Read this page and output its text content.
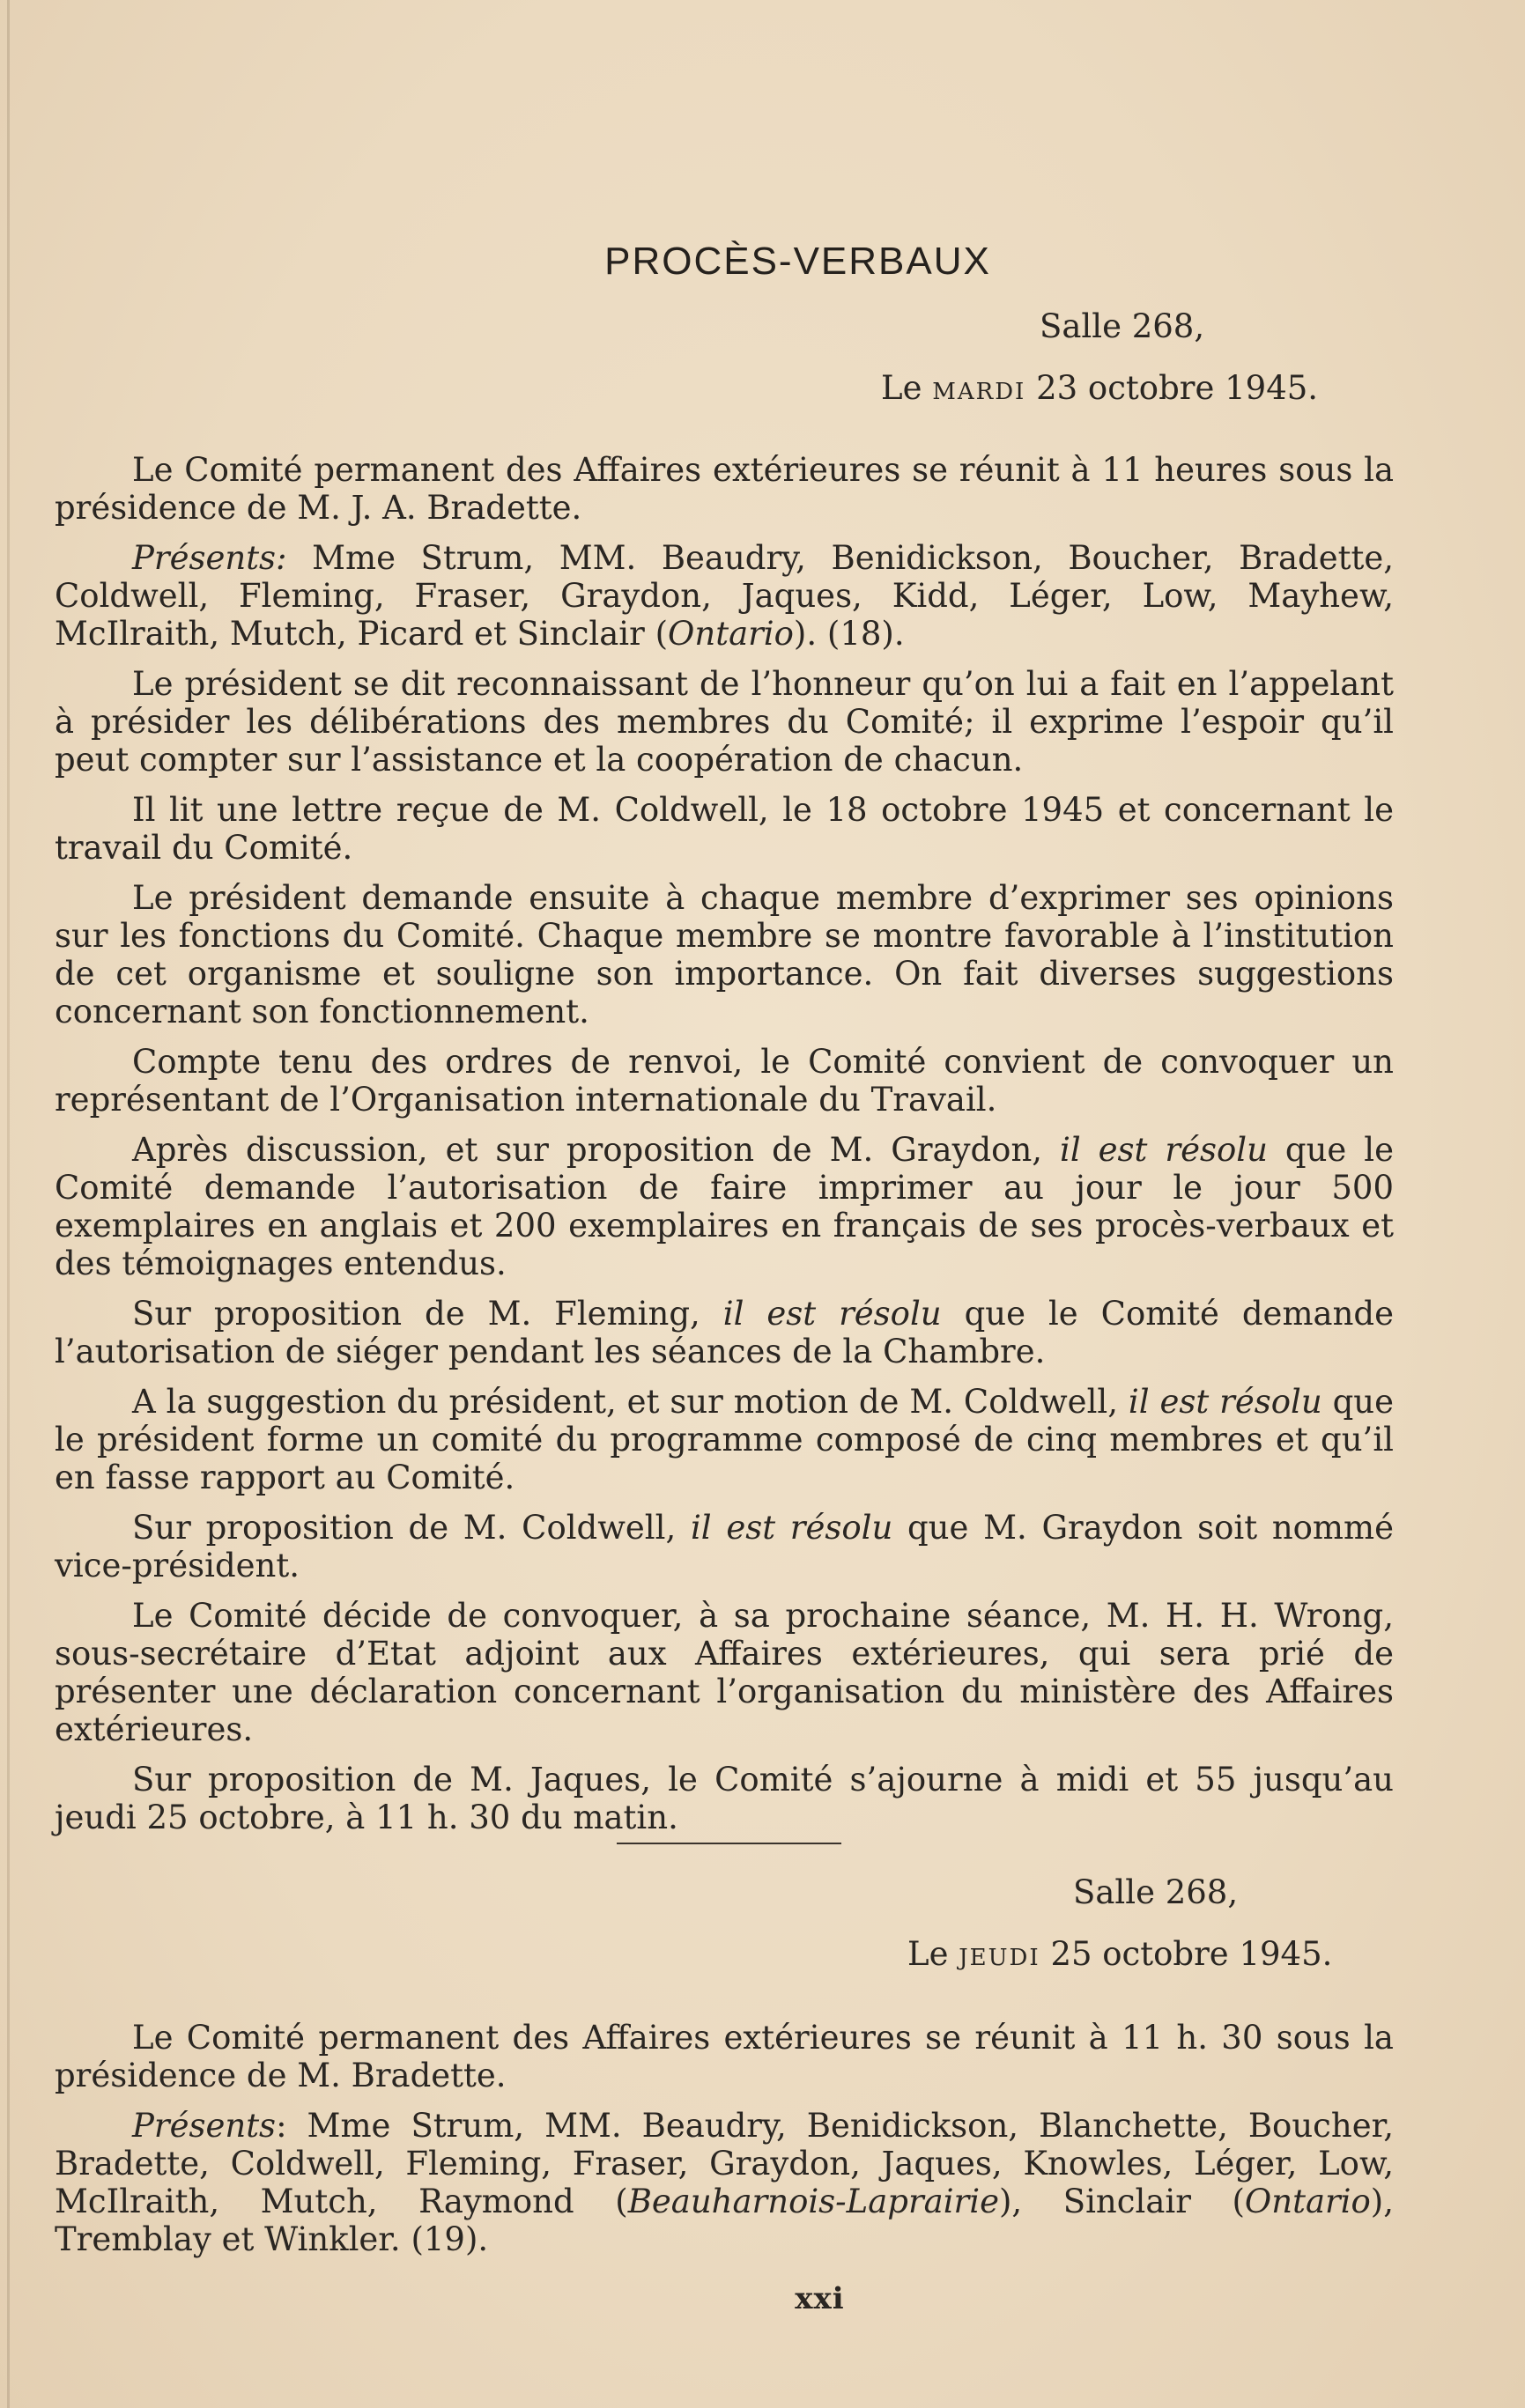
PROCÈS-VERBAUX
Salle 268,
Le mardi 23 octobre 1945.

Le Comité permanent des Affaires extérieures se réunit à 11 heures sous la présidence de M. J. A. Bradette.

Présents: Mme Strum, MM. Beaudry, Benidickson, Boucher, Bradette, Coldwell, Fleming, Fraser, Graydon, Jaques, Kidd, Léger, Low, Mayhew, McIlraith, Mutch, Picard et Sinclair (Ontario). (18).

Le président se dit reconnaissant de l’honneur qu’on lui a fait en l’appelant à présider les délibérations des membres du Comité; il exprime l’espoir qu’il peut compter sur l’assistance et la coopération de chacun.

Il lit une lettre reçue de M. Coldwell, le 18 octobre 1945 et concernant le travail du Comité.

Le président demande ensuite à chaque membre d’exprimer ses opinions sur les fonctions du Comité. Chaque membre se montre favorable à l’institution de cet organisme et souligne son importance. On fait diverses suggestions concernant son fonctionnement.

Compte tenu des ordres de renvoi, le Comité convient de convoquer un représentant de l’Organisation internationale du Travail.

Après discussion, et sur proposition de M. Graydon, il est résolu que le Comité demande l’autorisation de faire imprimer au jour le jour 500 exemplaires en anglais et 200 exemplaires en français de ses procès-verbaux et des témoignages entendus.

Sur proposition de M. Fleming, il est résolu que le Comité demande l’autorisation de siéger pendant les séances de la Chambre.

A la suggestion du président, et sur motion de M. Coldwell, il est résolu que le président forme un comité du programme composé de cinq membres et qu’il en fasse rapport au Comité.

Sur proposition de M. Coldwell, il est résolu que M. Graydon soit nommé vice-président.

Le Comité décide de convoquer, à sa prochaine séance, M. H. H. Wrong, sous-secrétaire d’Etat adjoint aux Affaires extérieures, qui sera prié de présenter une déclaration concernant l’organisation du ministère des Affaires extérieures.

Sur proposition de M. Jaques, le Comité s’ajourne à midi et 55 jusqu’au jeudi 25 octobre, à 11 h. 30 du matin.

Salle 268,
Le jeudi 25 octobre 1945.

Le Comité permanent des Affaires extérieures se réunit à 11 h. 30 sous la présidence de M. Bradette.

Présents: Mme Strum, MM. Beaudry, Benidickson, Blanchette, Boucher, Bradette, Coldwell, Fleming, Fraser, Graydon, Jaques, Knowles, Léger, Low, McIlraith, Mutch, Raymond (Beauharnois-Laprairie), Sinclair (Ontario), Tremblay et Winkler. (19).

xxi
